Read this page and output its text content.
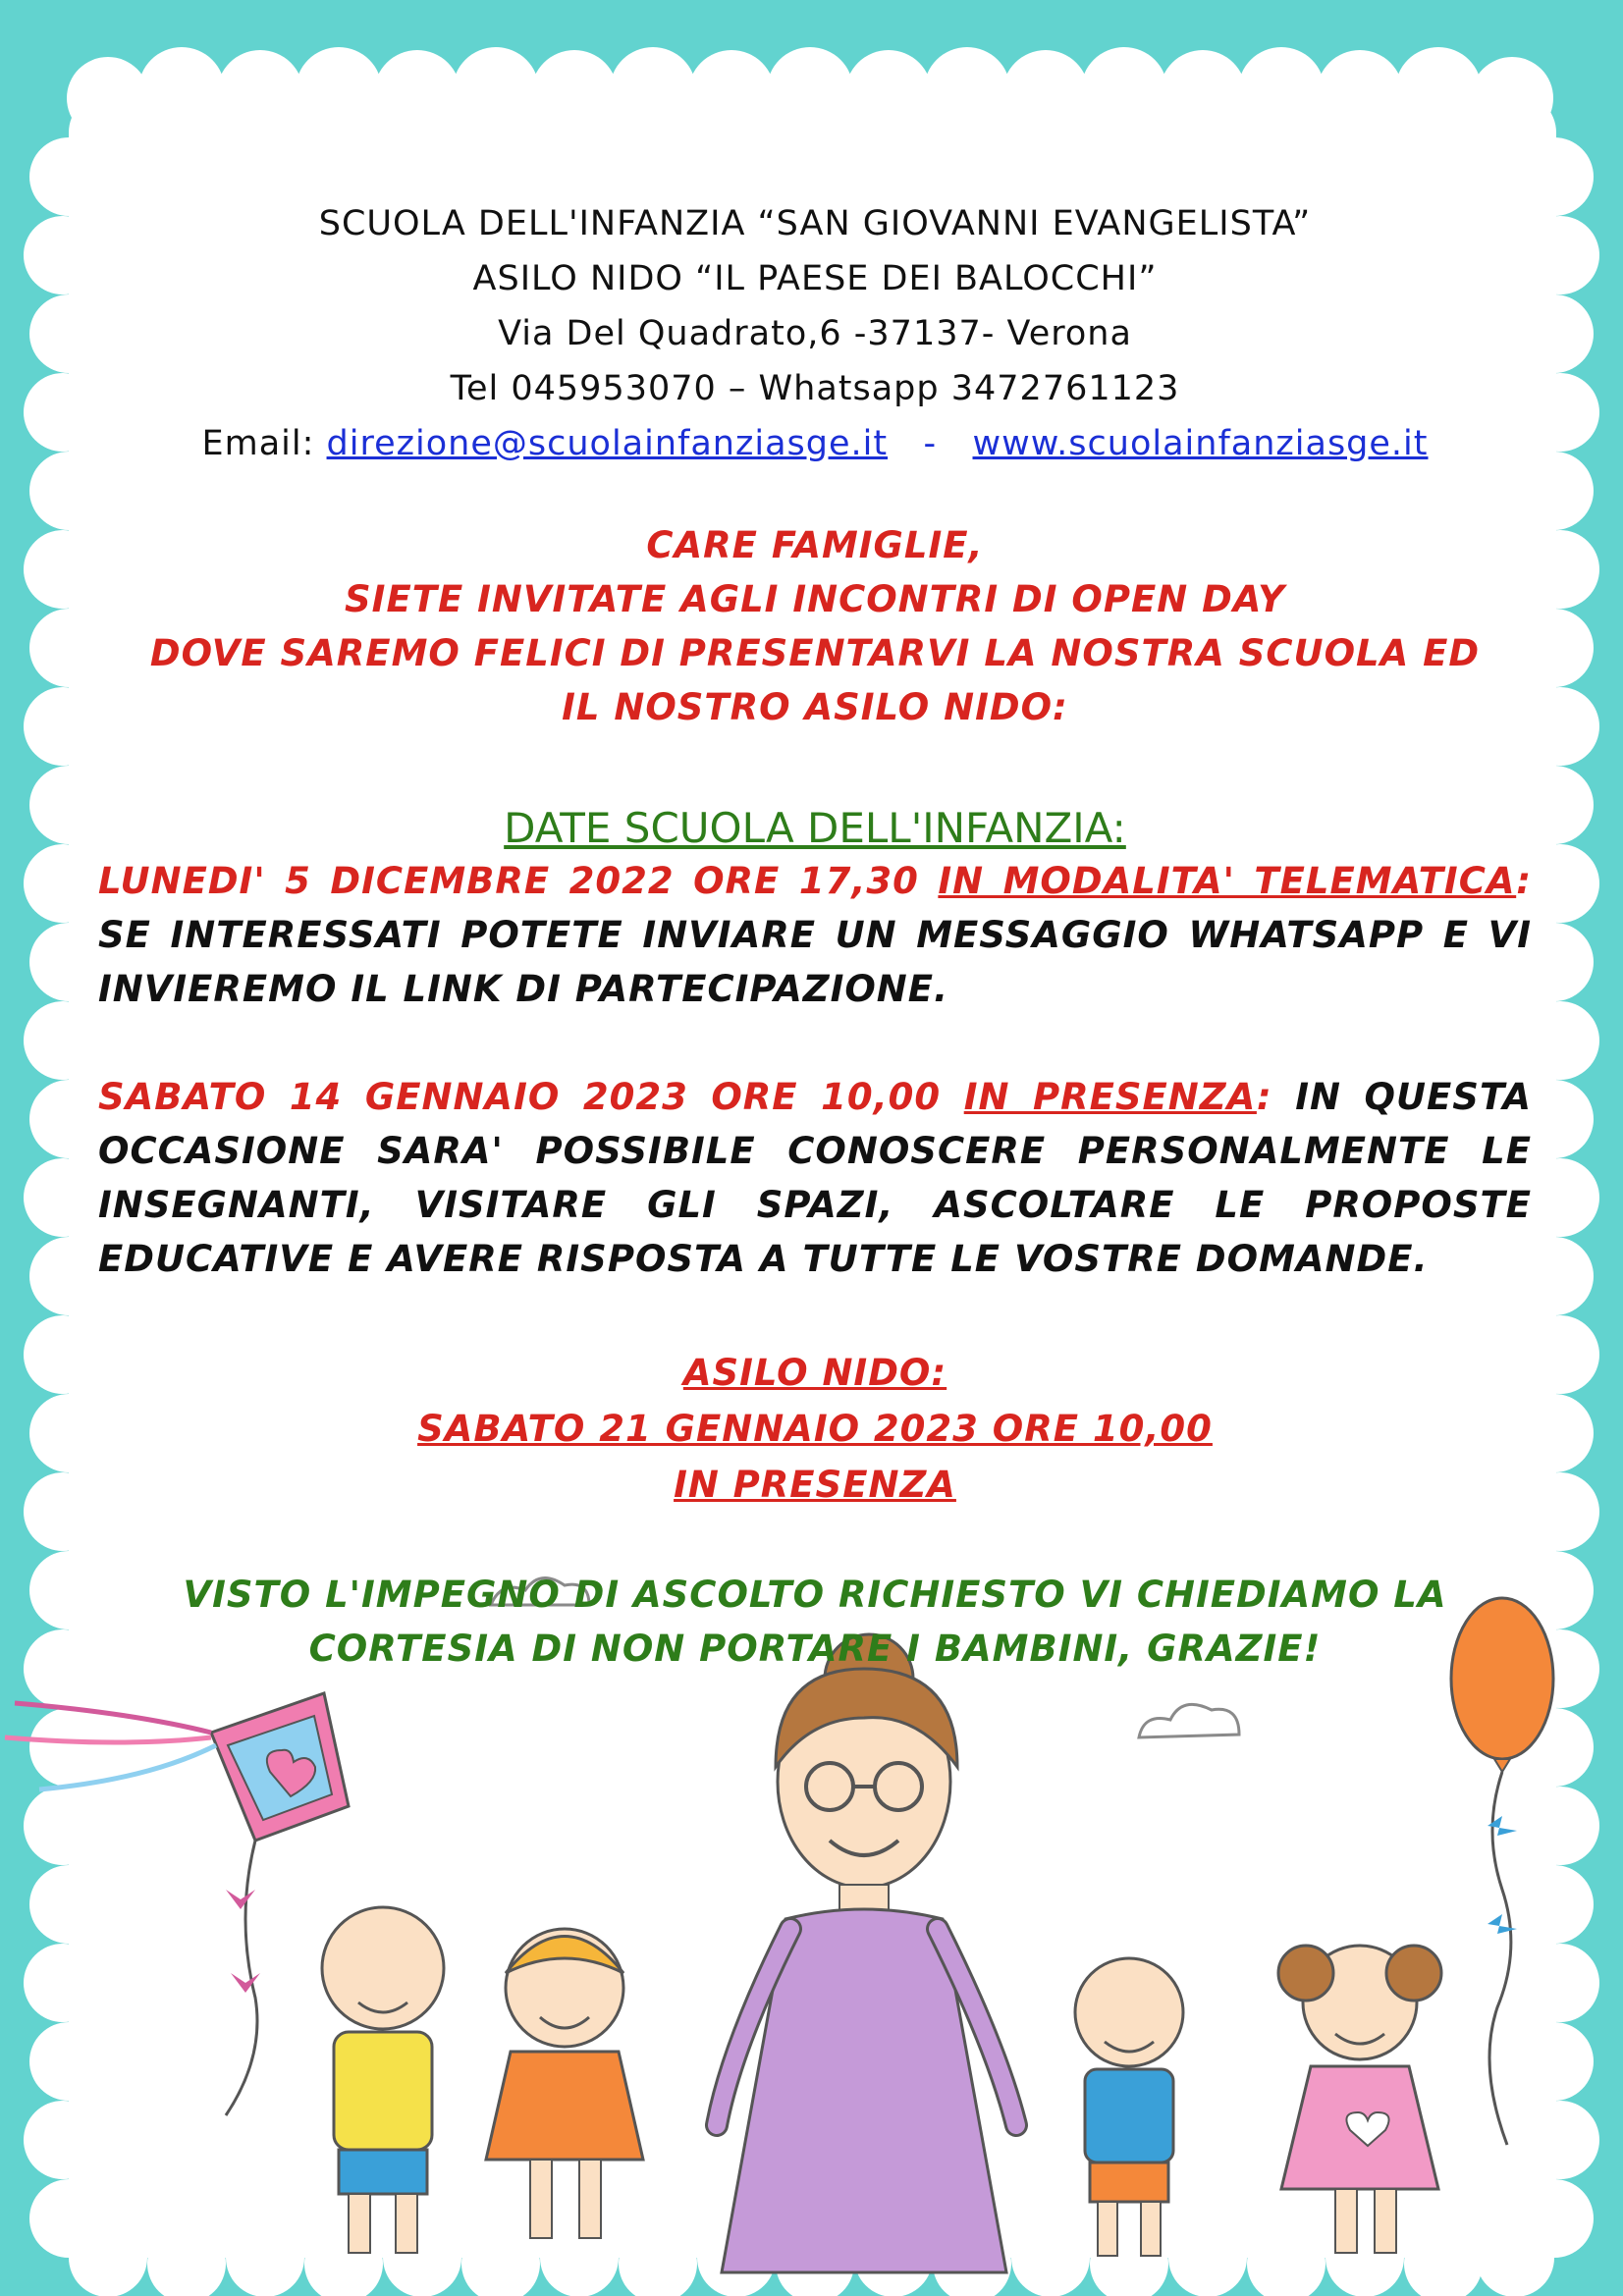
SCUOLA DELL'INFANZIA “SAN GIOVANNI EVANGELISTA”
ASILO NIDO “IL PAESE DEI BALOCCHI”
Via Del Quadrato,6 -37137- Verona
Tel 045953070 – Whatsapp 3472761123
Email: direzione@scuolainfanziasge.it - www.scuolainfanziasge.it
CARE FAMIGLIE,
SIETE INVITATE AGLI INCONTRI DI OPEN DAY
DOVE SAREMO FELICI DI PRESENTARVI LA NOSTRA SCUOLA ED IL NOSTRO ASILO NIDO:
DATE SCUOLA DELL'INFANZIA:
LUNEDI' 5 DICEMBRE 2022 ORE 17,30 IN MODALITA' TELEMATICA: SE INTERESSATI POTETE INVIARE UN MESSAGGIO WHATSAPP E VI INVIEREMO IL LINK DI PARTECIPAZIONE.
SABATO 14 GENNAIO 2023 ORE 10,00 IN PRESENZA: IN QUESTA OCCASIONE SARA' POSSIBILE CONOSCERE PERSONALMENTE LE INSEGNANTI, VISITARE GLI SPAZI, ASCOLTARE LE PROPOSTE EDUCATIVE E AVERE RISPOSTA A TUTTE LE VOSTRE DOMANDE.
ASILO NIDO:
SABATO 21 GENNAIO 2023 ORE 10,00
IN PRESENZA
VISTO L'IMPEGNO DI ASCOLTO RICHIESTO VI CHIEDIAMO LA CORTESIA DI NON PORTARE I BAMBINI, GRAZIE!
